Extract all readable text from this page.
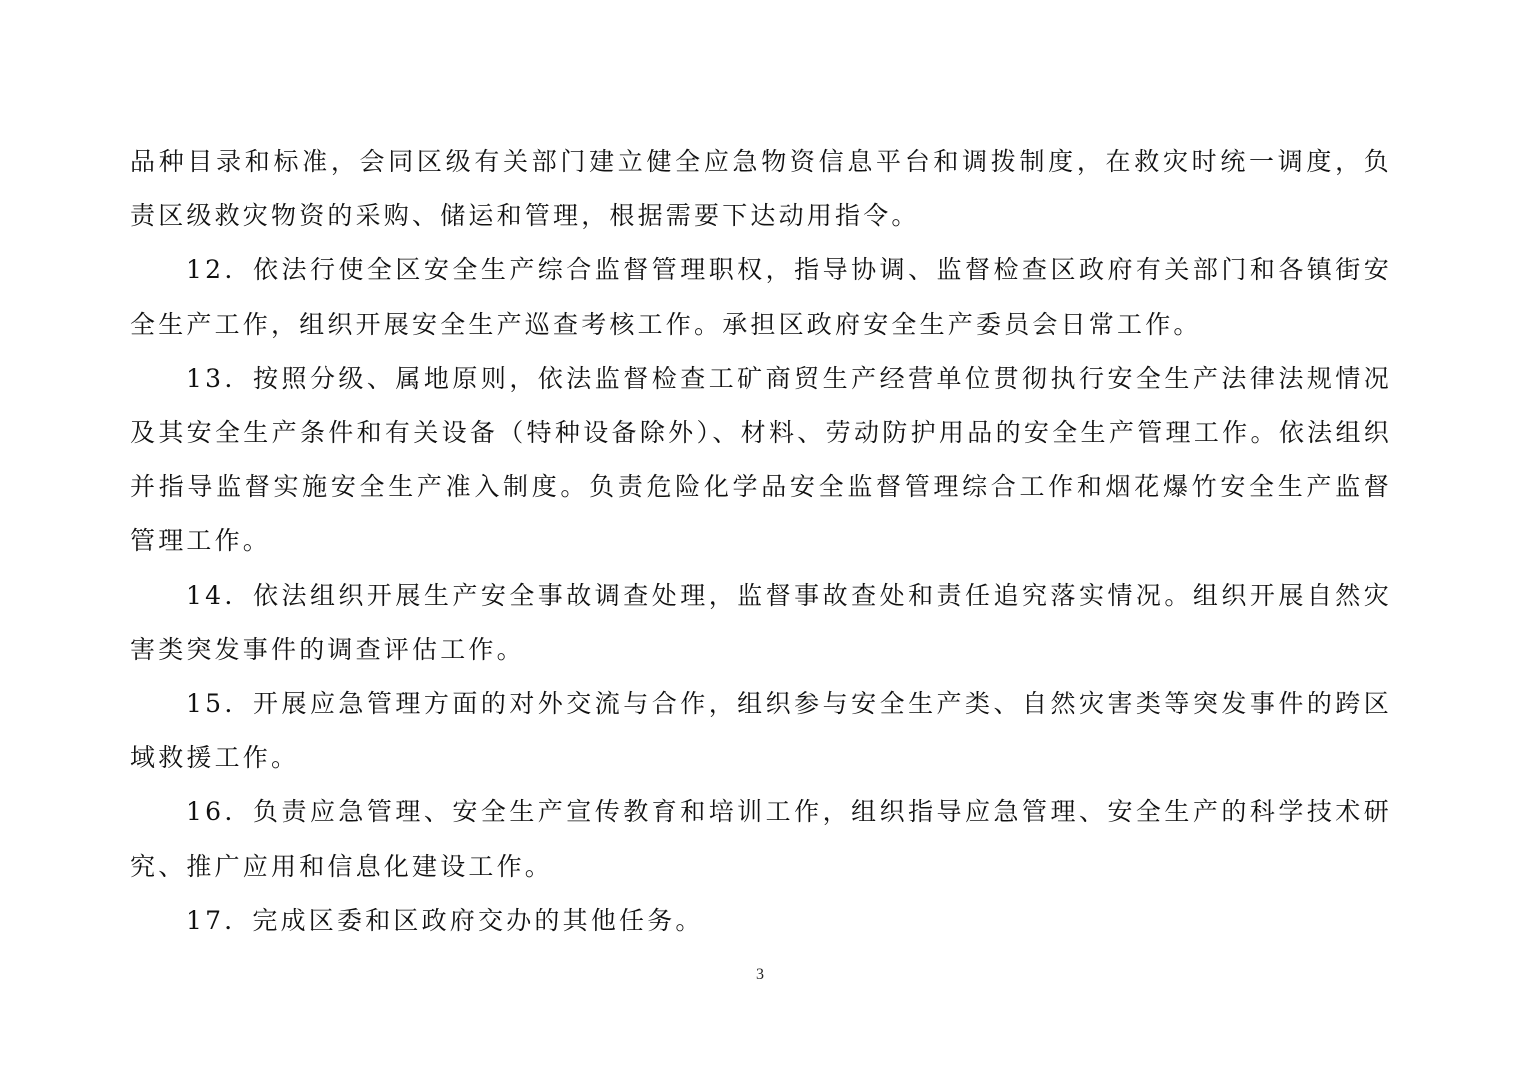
品种目录和标准，会同区级有关部门建立健全应急物资信息平台和调拨制度，在救灾时统一调度，负责区级救灾物资的采购、储运和管理，根据需要下达动用指令。

12．依法行使全区安全生产综合监督管理职权，指导协调、监督检查区政府有关部门和各镇街安全生产工作，组织开展安全生产巡查考核工作。承担区政府安全生产委员会日常工作。

13．按照分级、属地原则，依法监督检查工矿商贸生产经营单位贯彻执行安全生产法律法规情况及其安全生产条件和有关设备（特种设备除外）、材料、劳动防护用品的安全生产管理工作。依法组织并指导监督实施安全生产准入制度。负责危险化学品安全监督管理综合工作和烟花爆竹安全生产监督管理工作。

14．依法组织开展生产安全事故调查处理，监督事故查处和责任追究落实情况。组织开展自然灾害类突发事件的调查评估工作。

15．开展应急管理方面的对外交流与合作，组织参与安全生产类、自然灾害类等突发事件的跨区域救援工作。

16．负责应急管理、安全生产宣传教育和培训工作，组织指导应急管理、安全生产的科学技术研究、推广应用和信息化建设工作。

17．完成区委和区政府交办的其他任务。

3
